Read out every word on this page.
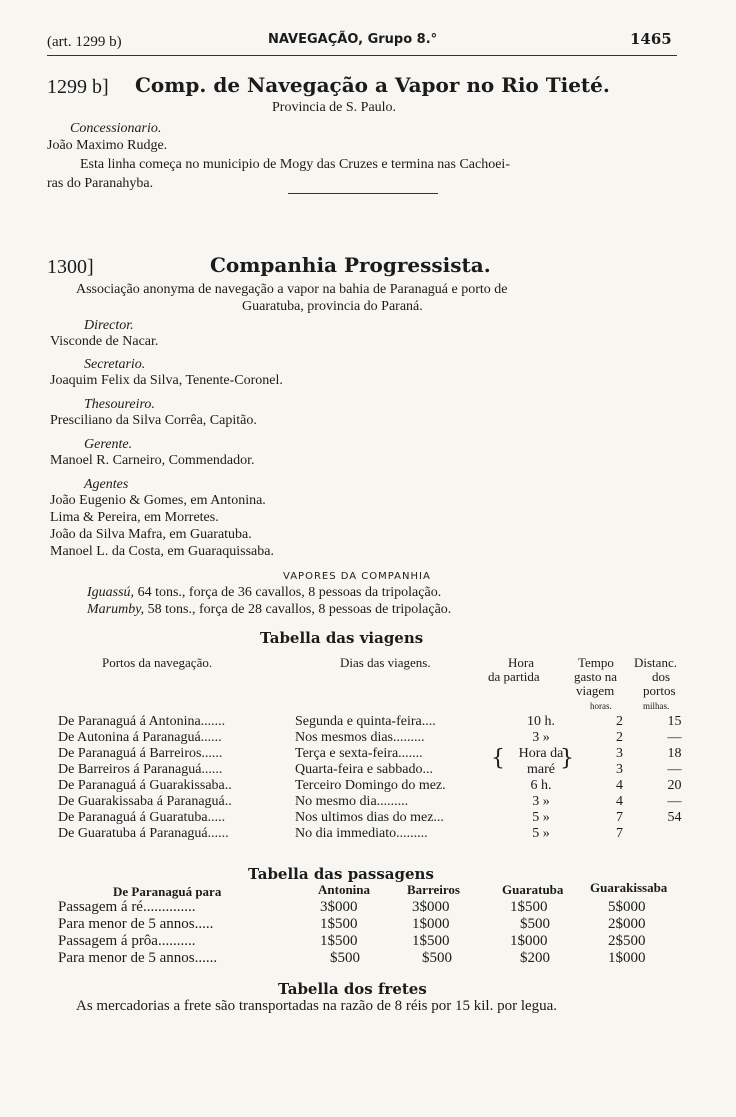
(art. 1299 b)	NAVEGAÇÃO, Grupo 8.°	1465
1299 b] Comp. de Navegação a Vapor no Rio Tieté.
Provincia de S. Paulo.
Concessionario.
João Maximo Rudge.
Esta linha começa no municipio de Mogy das Cruzes e termina nas Cachoei-
ras do Paranahyba.
1300]	Companhia Progressista.
Associação anonyma de navegação a vapor na bahia de Paranaguá e porto de
Guaratuba, provincia do Paraná.
Director.
Visconde de Nacar.
Secretario.
Joaquim Felix da Silva, Tenente-Coronel.
Thesoureiro.
Presciliano da Silva Corrêa, Capitão.
Gerente.
Manoel R. Carneiro, Commendador.
Agentes
João Eugenio & Gomes, em Antonina.
Lima & Pereira, em Morretes.
João da Silva Mafra, em Guaratuba.
Manoel L. da Costa, em Guaraquissaba.
VAPORES DA COMPANHIA
Iguassú, 64 tons., força de 36 cavallos, 8 pessoas da tripolação.
Marumby, 58 tons., força de 28 cavallos, 8 pessoas de tripolação.
Tabella das viagens
Portos da navegação.	Dias das viagens.	Hora
da partida
Tempo
gasto na
viagem
horas.
Distanc.
dos
portos
milhas.
De Paranaguá á Antonina.......	Segunda e quinta-feira....	10 h.	2	15
De Autonina á Paranaguá......	Nos mesmos dias.........	3 »	2	—
De Paranaguá á Barreiros......	Terça e sexta-feira.......	Hora da	3	18
De Barreiros á Paranaguá......	Quarta-feira e sabbado...	maré	3	—
De Paranaguá á Guarakissaba..	Terceiro Domingo do mez.	6 h.	4	20
De Guarakissaba á Paranaguá..	No mesmo dia.........	3 »	4	—
De Paranaguá á Guaratuba.....	Nos ultimos dias do mez...	5 »	7	54
De Guaratuba á Paranaguá......	No dia immediato.........	5 »	7	
{	}
Tabella das passagens
De Paranaguá para	Antonina	Barreiros	Guaratuba Guarakissaba
Passagem á ré..............	3$000	3$000	1$500	5$000
Para menor de 5 annos.....	1$500	1$000	$500	2$000
Passagem á prôa..........	1$500	1$500	1$000	2$500
Para menor de 5 annos......	$500	$500	$200	1$000
Tabella dos fretes
As mercadorias a frete são transportadas na razão de 8 réis por 15 kil. por legua.
